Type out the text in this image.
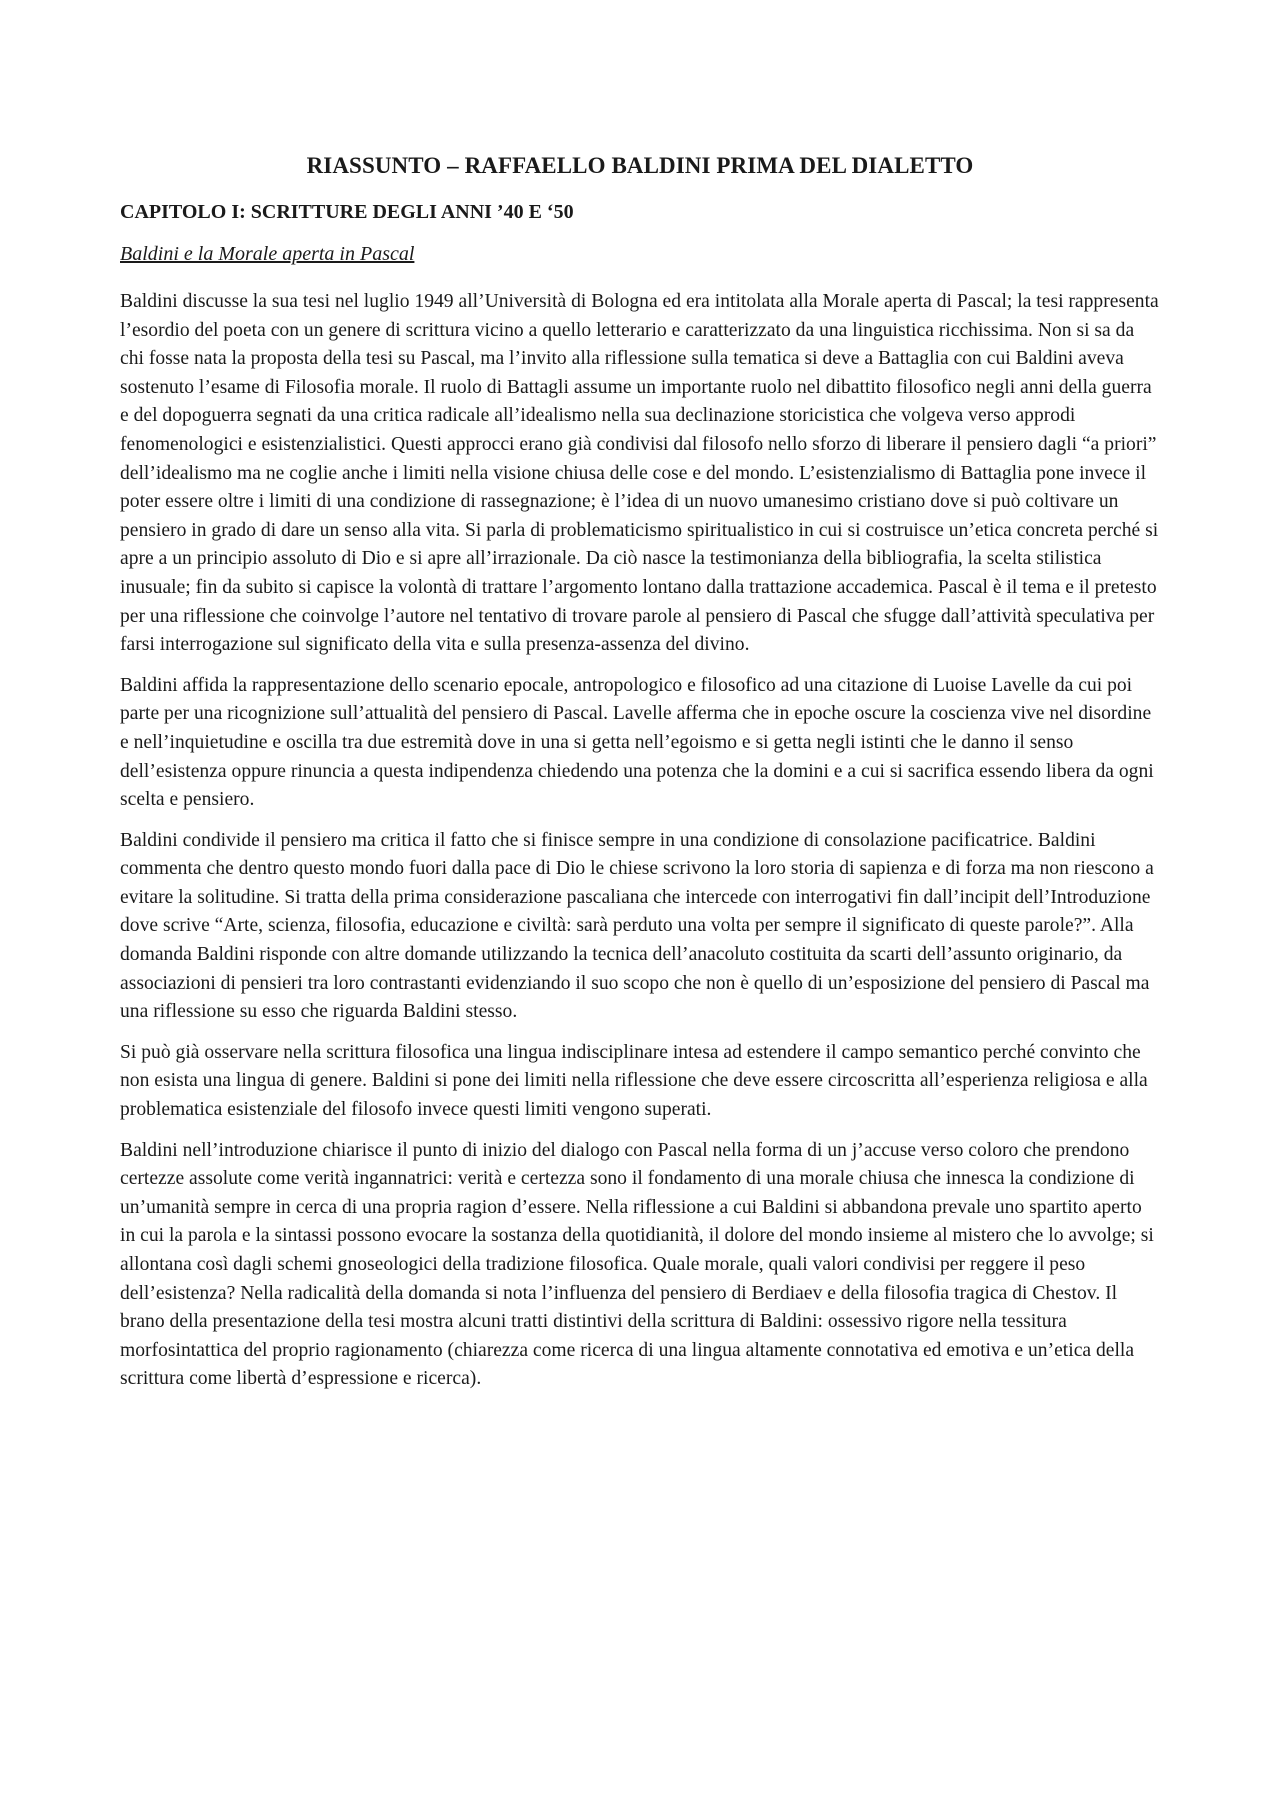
RIASSUNTO – RAFFAELLO BALDINI PRIMA DEL DIALETTO
CAPITOLO I: SCRITTURE DEGLI ANNI ’40 E ‘50
Baldini e la Morale aperta in Pascal

Baldini discusse la sua tesi nel luglio 1949 all’Università di Bologna ed era intitolata alla Morale aperta di Pascal; la tesi rappresenta l’esordio del poeta con un genere di scrittura vicino a quello letterario e caratterizzato da una linguistica ricchissima. Non si sa da chi fosse nata la proposta della tesi su Pascal, ma l’invito alla riflessione sulla tematica si deve a Battaglia con cui Baldini aveva sostenuto l’esame di Filosofia morale. Il ruolo di Battagli assume un importante ruolo nel dibattito filosofico negli anni della guerra e del dopoguerra segnati da una critica radicale all’idealismo nella sua declinazione storicistica che volgeva verso approdi fenomenologici e esistenzialistici. Questi approcci erano già condivisi dal filosofo nello sforzo di liberare il pensiero dagli “a priori” dell’idealismo ma ne coglie anche i limiti nella visione chiusa delle cose e del mondo. L’esistenzialismo di Battaglia pone invece il poter essere oltre i limiti di una condizione di rassegnazione; è l’idea di un nuovo umanesimo cristiano dove si può coltivare un pensiero in grado di dare un senso alla vita. Si parla di problematicismo spiritualistico in cui si costruisce un’etica concreta perché si apre a un principio assoluto di Dio e si apre all’irrazionale. Da ciò nasce la testimonianza della bibliografia, la scelta stilistica inusuale; fin da subito si capisce la volontà di trattare l’argomento lontano dalla trattazione accademica. Pascal è il tema e il pretesto per una riflessione che coinvolge l’autore nel tentativo di trovare parole al pensiero di Pascal che sfugge dall’attività speculativa per farsi interrogazione sul significato della vita e sulla presenza-assenza del divino.

Baldini affida la rappresentazione dello scenario epocale, antropologico e filosofico ad una citazione di Luoise Lavelle da cui poi parte per una ricognizione sull’attualità del pensiero di Pascal. Lavelle afferma che in epoche oscure la coscienza vive nel disordine e nell’inquietudine e oscilla tra due estremità dove in una si getta nell’egoismo e si getta negli istinti che le danno il senso dell’esistenza oppure rinuncia a questa indipendenza chiedendo una potenza che la domini e a cui si sacrifica essendo libera da ogni scelta e pensiero.

Baldini condivide il pensiero ma critica il fatto che si finisce sempre in una condizione di consolazione pacificatrice. Baldini commenta che dentro questo mondo fuori dalla pace di Dio le chiese scrivono la loro storia di sapienza e di forza ma non riescono a evitare la solitudine. Si tratta della prima considerazione pascaliana che intercede con interrogativi fin dall’incipit dell’Introduzione dove scrive “Arte, scienza, filosofia, educazione e civiltà: sarà perduto una volta per sempre il significato di queste parole?”. Alla domanda Baldini risponde con altre domande utilizzando la tecnica dell’anacoluto costituita da scarti dell’assunto originario, da associazioni di pensieri tra loro contrastanti evidenziando il suo scopo che non è quello di un’esposizione del pensiero di Pascal ma una riflessione su esso che riguarda Baldini stesso.

Si può già osservare nella scrittura filosofica una lingua indisciplinare intesa ad estendere il campo semantico perché convinto che non esista una lingua di genere. Baldini si pone dei limiti nella riflessione che deve essere circoscritta all’esperienza religiosa e alla problematica esistenziale del filosofo invece questi limiti vengono superati.

Baldini nell’introduzione chiarisce il punto di inizio del dialogo con Pascal nella forma di un j’accuse verso coloro che prendono certezze assolute come verità ingannatrici: verità e certezza sono il fondamento di una morale chiusa che innesca la condizione di un’umanità sempre in cerca di una propria ragion d’essere. Nella riflessione a cui Baldini si abbandona prevale uno spartito aperto in cui la parola e la sintassi possono evocare la sostanza della quotidianità, il dolore del mondo insieme al mistero che lo avvolge; si allontana così dagli schemi gnoseologici della tradizione filosofica. Quale morale, quali valori condivisi per reggere il peso dell’esistenza? Nella radicalità della domanda si nota l’influenza del pensiero di Berdiaev e della filosofia tragica di Chestov. Il brano della presentazione della tesi mostra alcuni tratti distintivi della scrittura di Baldini: ossessivo rigore nella tessitura morfosintattica del proprio ragionamento (chiarezza come ricerca di una lingua altamente connotativa ed emotiva e un’etica della scrittura come libertà d’espressione e ricerca).
